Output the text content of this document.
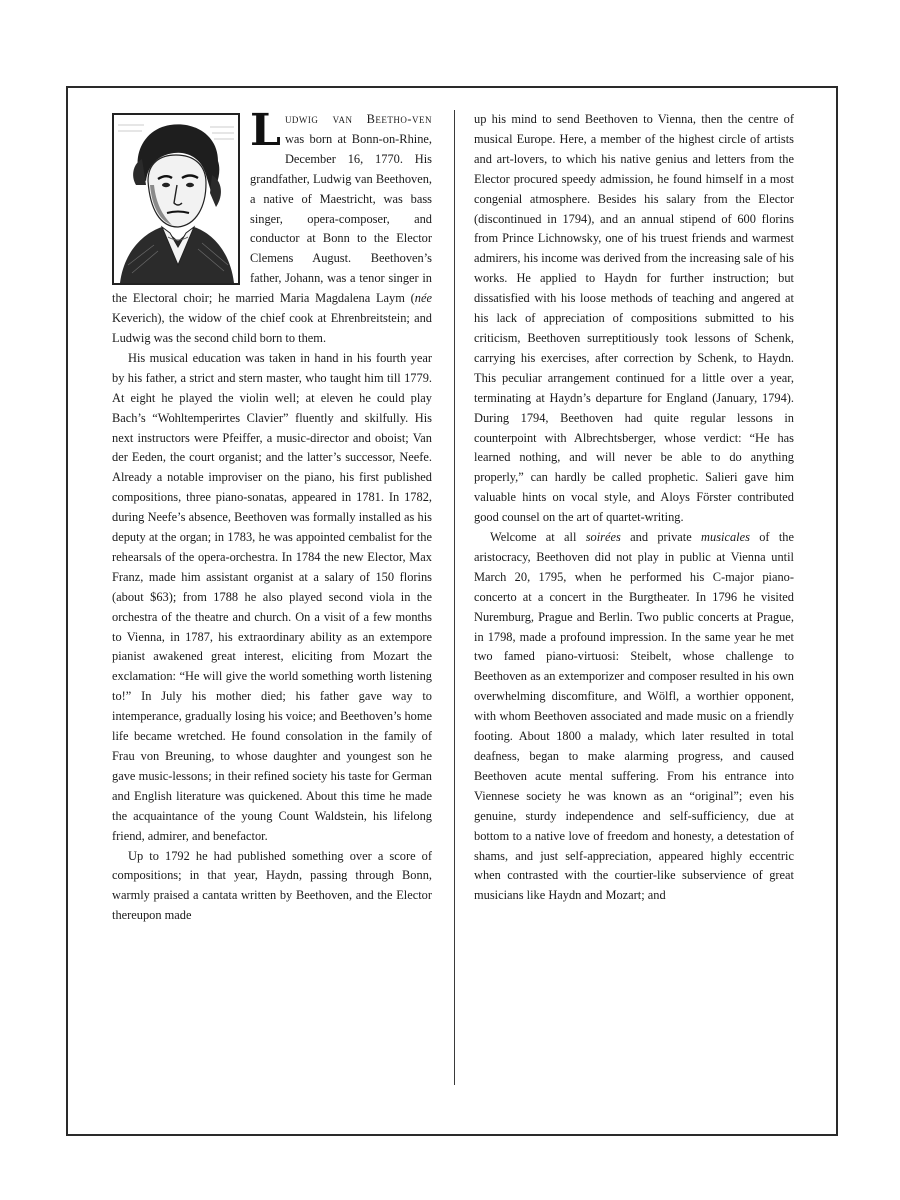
Ludwig van Beetho-ven was born at Bonn-on-Rhine, December 16, 1770. His grandfather, Ludwig van Beethoven, a native of Maestricht, was bass singer, opera-composer, and conductor at Bonn to the Elector Clemens August. Beethoven’s father, Johann, was a tenor singer in the Electoral choir; he married Maria Magdalena Laym (née Keverich), the widow of the chief cook at Ehrenbreitstein; and Ludwig was the second child born to them.

His musical education was taken in hand in his fourth year by his father, a strict and stern master, who taught him till 1779. At eight he played the violin well; at eleven he could play Bach’s “Wohltemperirtes Clavier” fluently and skilfully. His next instructors were Pfeiffer, a music-director and oboist; Van der Eeden, the court organist; and the latter’s successor, Neefe. Already a notable improviser on the piano, his first published compositions, three piano-sonatas, appeared in 1781. In 1782, during Neefe’s absence, Beethoven was formally installed as his deputy at the organ; in 1783, he was appointed cembalist for the rehearsals of the opera-orchestra. In 1784 the new Elector, Max Franz, made him assistant organist at a salary of 150 florins (about $63); from 1788 he also played second viola in the orchestra of the theatre and church. On a visit of a few months to Vienna, in 1787, his extraordinary ability as an extempore pianist awakened great interest, eliciting from Mozart the exclamation: “He will give the world something worth listening to!” In July his mother died; his father gave way to intemperance, gradually losing his voice; and Beethoven’s home life became wretched. He found consolation in the family of Frau von Breuning, to whose daughter and youngest son he gave music-lessons; in their refined society his taste for German and English literature was quickened. About this time he made the acquaintance of the young Count Waldstein, his lifelong friend, admirer, and benefactor.

Up to 1792 he had published something over a score of compositions; in that year, Haydn, passing through Bonn, warmly praised a cantata written by Beethoven, and the Elector thereupon made

up his mind to send Beethoven to Vienna, then the centre of musical Europe. Here, a member of the highest circle of artists and art-lovers, to which his native genius and letters from the Elector procured speedy admission, he found himself in a most congenial atmosphere. Besides his salary from the Elector (discontinued in 1794), and an annual stipend of 600 florins from Prince Lichnowsky, one of his truest friends and warmest admirers, his income was derived from the increasing sale of his works. He applied to Haydn for further instruction; but dissatisfied with his loose methods of teaching and angered at his lack of appreciation of compositions submitted to his criticism, Beethoven surreptitiously took lessons of Schenk, carrying his exercises, after correction by Schenk, to Haydn. This peculiar arrangement continued for a little over a year, terminating at Haydn’s departure for England (January, 1794). During 1794, Beethoven had quite regular lessons in counterpoint with Albrechtsberger, whose verdict: “He has learned nothing, and will never be able to do anything properly,” can hardly be called prophetic. Salieri gave him valuable hints on vocal style, and Aloys Förster contributed good counsel on the art of quartet-writing.

Welcome at all soirées and private musicales of the aristocracy, Beethoven did not play in public at Vienna until March 20, 1795, when he performed his C-major piano-concerto at a concert in the Burgtheater. In 1796 he visited Nuremburg, Prague and Berlin. Two public concerts at Prague, in 1798, made a profound impression. In the same year he met two famed piano-virtuosi: Steibelt, whose challenge to Beethoven as an extemporizer and composer resulted in his own overwhelming discomfiture, and Wölfl, a worthier opponent, with whom Beethoven associated and made music on a friendly footing. About 1800 a malady, which later resulted in total deafness, began to make alarming progress, and caused Beethoven acute mental suffering. From his entrance into Viennese society he was known as an “original”; even his genuine, sturdy independence and self-sufficiency, due at bottom to a native love of freedom and honesty, a detestation of shams, and just self-appreciation, appeared highly eccentric when contrasted with the courtier-like subservience of great musicians like Haydn and Mozart; and
